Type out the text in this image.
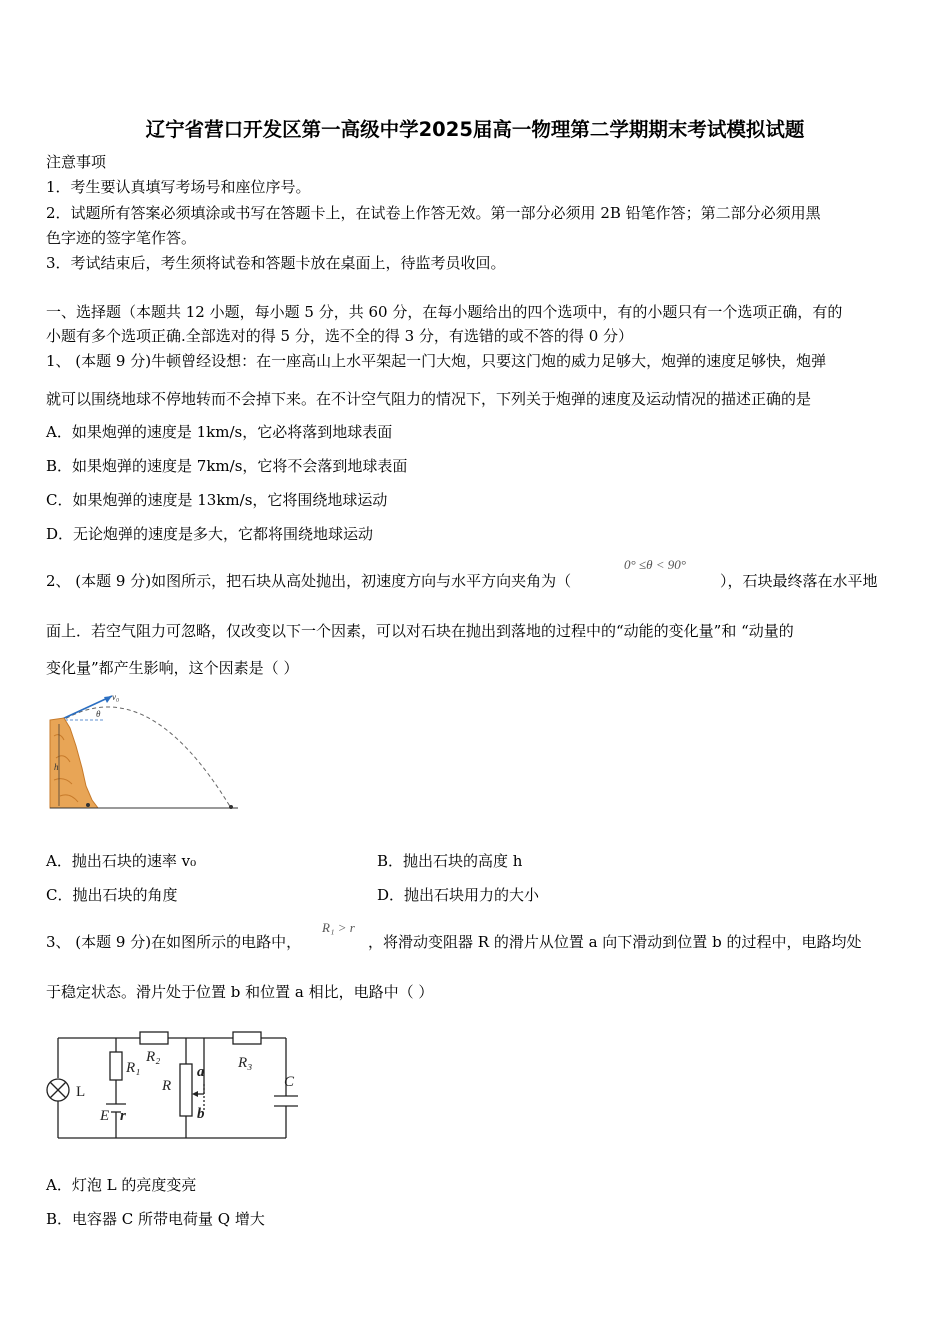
辽宁省营口开发区第一高级中学2025届高一物理第二学期期末考试模拟试题
注意事项
1．考生要认真填写考场号和座位序号。
2．试题所有答案必须填涂或书写在答题卡上，在试卷上作答无效。第一部分必须用 2B 铅笔作答；第二部分必须用黑
色字迹的签字笔作答。
3．考试结束后，考生须将试卷和答题卡放在桌面上，待监考员收回。
一、选择题（本题共 12 小题，每小题 5 分，共 60 分，在每小题给出的四个选项中，有的小题只有一个选项正确，有的
小题有多个选项正确.全部选对的得 5 分，选不全的得 3 分，有选错的或不答的得 0 分）
1、 (本题 9 分)牛顿曾经设想：在一座高山上水平架起一门大炮，只要这门炮的威力足够大，炮弹的速度足够快，炮弹
就可以围绕地球不停地转而不会掉下来。在不计空气阻力的情况下，下列关于炮弹的速度及运动情况的描述正确的是
A．如果炮弹的速度是 1km/s，它必将落到地球表面
B．如果炮弹的速度是 7km/s，它将不会落到地球表面
C．如果炮弹的速度是 13km/s，它将围绕地球运动
D．无论炮弹的速度是多大，它都将围绕地球运动
2、 (本题 9 分)如图所示，把石块从高处抛出，初速度方向与水平方向夹角为（
0° ≤θ < 90°
），石块最终落在水平地
面上．若空气阻力可忽略，仅改变以下一个因素，可以对石块在抛出到落地的过程中的“动能的变化量”和 “动量的
变化量”都产生影响，这个因素是（ ）
v₀
θ
h
A．抛出石块的速率 v₀	B．抛出石块的高度 h
C．抛出石块的角度	D．抛出石块用力的大小
3、 (本题 9 分)在如图所示的电路中，
R₁ > r
，将滑动变阻器 R 的滑片从位置 a 向下滑动到位置 b 的过程中，电路均处
于稳定状态。滑片处于位置 b 和位置 a 相比，电路中（ ）
L
R₁
R₂
R
a
b
R₃
C
E r
A．灯泡 L 的亮度变亮
B．电容器 C 所带电荷量 Q 增大
